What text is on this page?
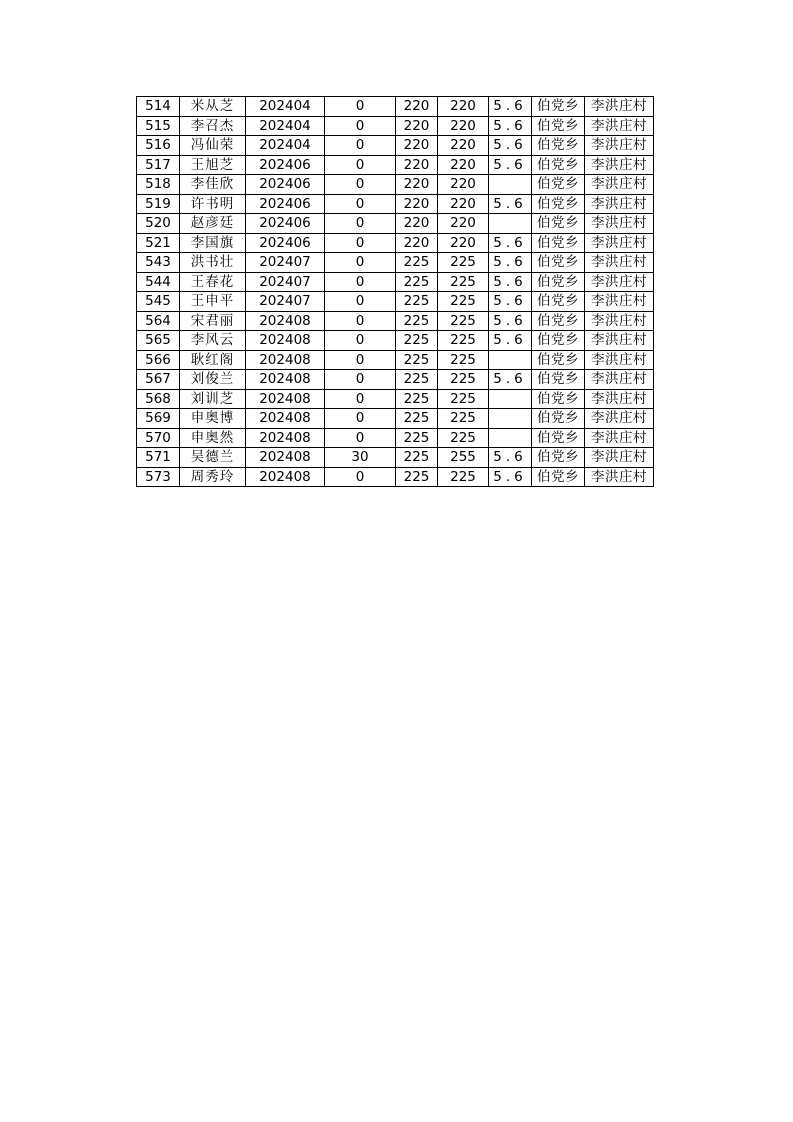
514	米从芝	202404	0	220	220	5.6	伯党乡	李洪庄村
515	李召杰	202404	0	220	220	5.6	伯党乡	李洪庄村
516	冯仙荣	202404	0	220	220	5.6	伯党乡	李洪庄村
517	王旭芝	202406	0	220	220	5.6	伯党乡	李洪庄村
518	李佳欣	202406	0	220	220		伯党乡	李洪庄村
519	许书明	202406	0	220	220	5.6	伯党乡	李洪庄村
520	赵彦廷	202406	0	220	220		伯党乡	李洪庄村
521	李国旗	202406	0	220	220	5.6	伯党乡	李洪庄村
543	洪书壮	202407	0	225	225	5.6	伯党乡	李洪庄村
544	王春花	202407	0	225	225	5.6	伯党乡	李洪庄村
545	王申平	202407	0	225	225	5.6	伯党乡	李洪庄村
564	宋君丽	202408	0	225	225	5.6	伯党乡	李洪庄村
565	李风云	202408	0	225	225	5.6	伯党乡	李洪庄村
566	耿红阁	202408	0	225	225		伯党乡	李洪庄村
567	刘俊兰	202408	0	225	225	5.6	伯党乡	李洪庄村
568	刘训芝	202408	0	225	225		伯党乡	李洪庄村
569	申奥博	202408	0	225	225		伯党乡	李洪庄村
570	申奥然	202408	0	225	225		伯党乡	李洪庄村
571	吴德兰	202408	30	225	255	5.6	伯党乡	李洪庄村
573	周秀玲	202408	0	225	225	5.6	伯党乡	李洪庄村
